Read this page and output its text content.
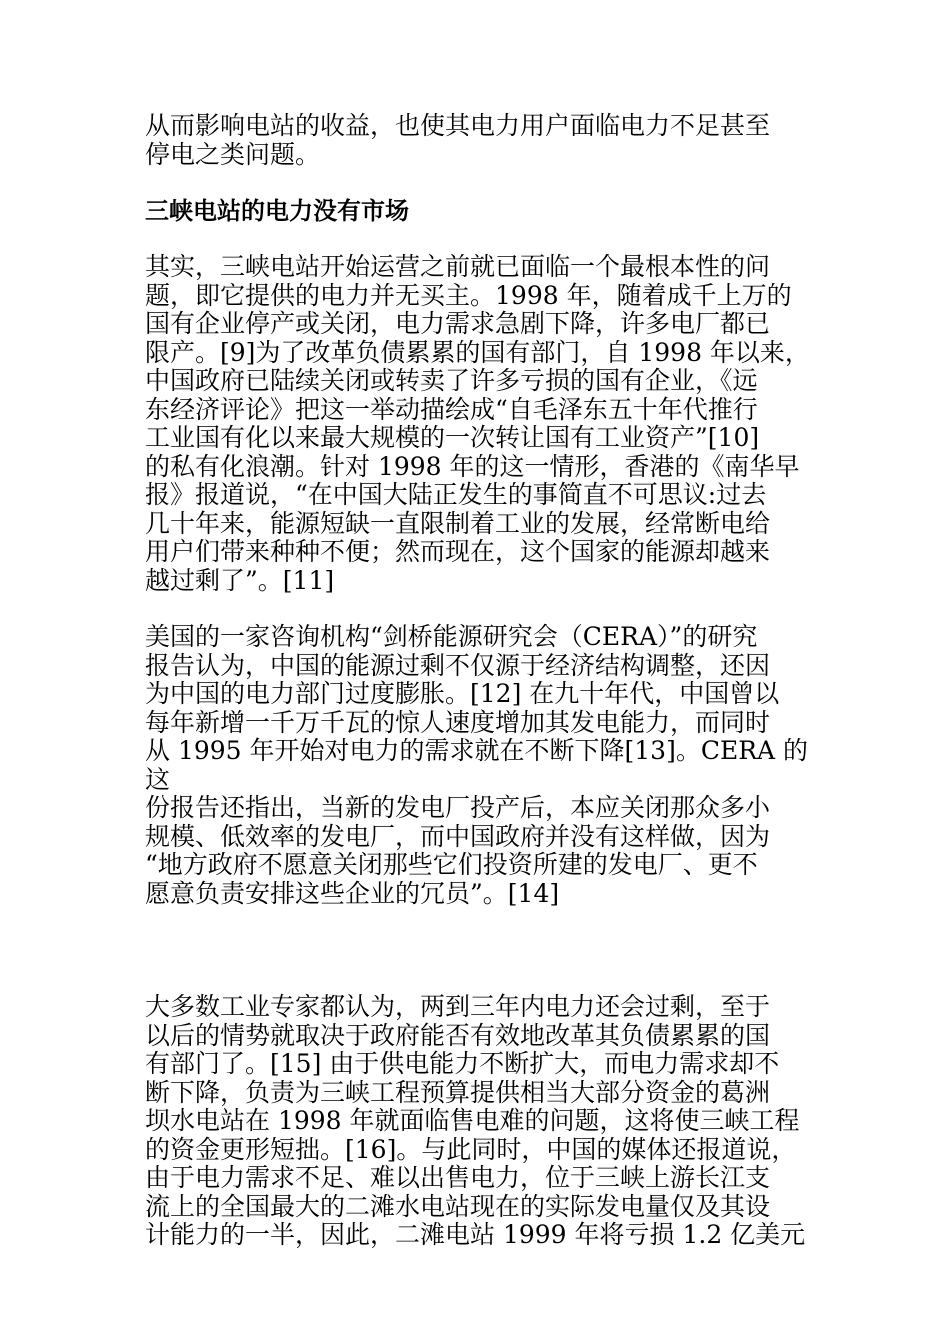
从而影响电站的收益，也使其电力用户面临电力不足甚至
停电之类问题。

三峡电站的电力没有市场

其实，三峡电站开始运营之前就已面临一个最根本性的问
题，即它提供的电力并无买主。1998 年，随着成千上万的
国有企业停产或关闭，电力需求急剧下降，许多电厂都已
限产。[9]为了改革负债累累的国有部门，自 1998 年以来，
中国政府已陆续关闭或转卖了许多亏损的国有企业，《远
东经济评论》把这一举动描绘成“自毛泽东五十年代推行
工业国有化以来最大规模的一次转让国有工业资产”[10]
的私有化浪潮。针对 1998 年的这一情形，香港的《南华早
报》报道说，“在中国大陆正发生的事简直不可思议:过去
几十年来，能源短缺一直限制着工业的发展，经常断电给
用户们带来种种不便；然而现在，这个国家的能源却越来
越过剩了”。[11]

美国的一家咨询机构“剑桥能源研究会（CERA）”的研究
报告认为，中国的能源过剩不仅源于经济结构调整，还因
为中国的电力部门过度膨胀。[12] 在九十年代，中国曾以
每年新增一千万千瓦的惊人速度增加其发电能力，而同时
从 1995 年开始对电力的需求就在不断下降[13]。CERA 的这
份报告还指出，当新的发电厂投产后，本应关闭那众多小
规模、低效率的发电厂，而中国政府并没有这样做，因为
“地方政府不愿意关闭那些它们投资所建的发电厂、更不
愿意负责安排这些企业的冗员”。[14]

大多数工业专家都认为，两到三年内电力还会过剩，至于
以后的情势就取决于政府能否有效地改革其负债累累的国
有部门了。[15] 由于供电能力不断扩大，而电力需求却不
断下降，负责为三峡工程预算提供相当大部分资金的葛洲
坝水电站在 1998 年就面临售电难的问题，这将使三峡工程
的资金更形短拙。[16]。与此同时，中国的媒体还报道说，
由于电力需求不足、难以出售电力，位于三峡上游长江支
流上的全国最大的二滩水电站现在的实际发电量仅及其设
计能力的一半，因此，二滩电站 1999 年将亏损 1.2 亿美元
